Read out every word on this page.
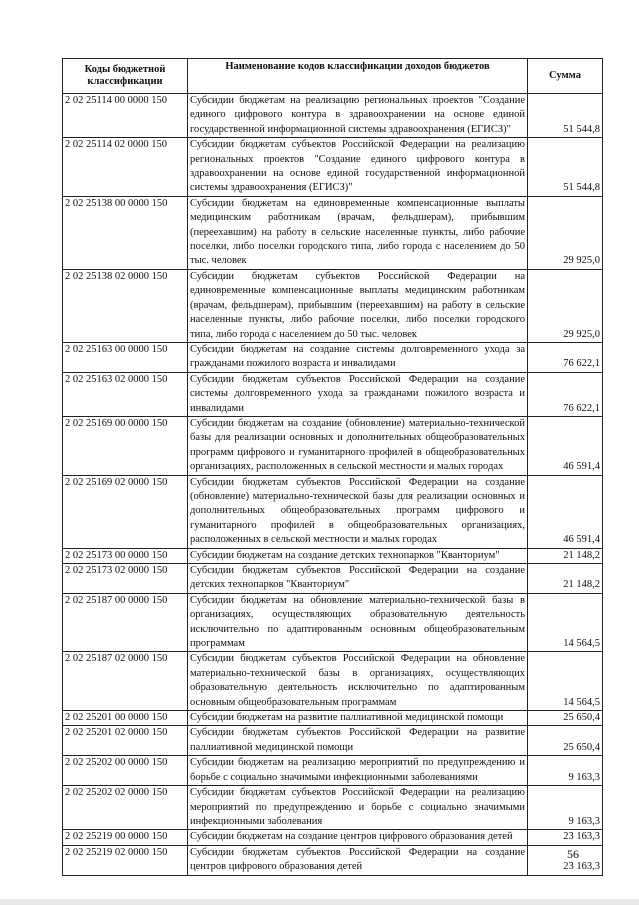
Коды бюджетной классификации	Наименование кодов классификации доходов бюджетов	Сумма
2 02 25114 00 0000 150	Субсидии бюджетам на реализацию региональных проектов "Создание единого цифрового контура в здравоохранении на основе единой государственной информационной системы здравоохранения (ЕГИСЗ)"	51 544,8
2 02 25114 02 0000 150	Субсидии бюджетам субъектов Российской Федерации на реализацию региональных проектов "Создание единого цифрового контура в здравоохранении на основе единой государственной информационной системы здравоохранения (ЕГИСЗ)"	51 544,8
2 02 25138 00 0000 150	Субсидии бюджетам на единовременные компенсационные выплаты медицинским работникам (врачам, фельдшерам), прибывшим (переехавшим) на работу в сельские населенные пункты, либо рабочие поселки, либо поселки городского типа, либо города с населением до 50 тыс. человек	29 925,0
2 02 25138 02 0000 150	Субсидии бюджетам субъектов Российской Федерации на единовременные компенсационные выплаты медицинским работникам (врачам, фельдшерам), прибывшим (переехавшим) на работу в сельские населенные пункты, либо рабочие поселки, либо поселки городского типа, либо города с населением до 50 тыс. человек	29 925,0
2 02 25163 00 0000 150	Субсидии бюджетам на создание системы долговременного ухода за гражданами пожилого возраста и инвалидами	76 622,1
2 02 25163 02 0000 150	Субсидии бюджетам субъектов Российской Федерации на создание системы долговременного ухода за гражданами пожилого возраста и инвалидами	76 622,1
2 02 25169 00 0000 150	Субсидии бюджетам на создание (обновление) материально-технической базы для реализации основных и дополнительных общеобразовательных программ цифрового и гуманитарного профилей в общеобразовательных организациях, расположенных в сельской местности и малых городах	46 591,4
2 02 25169 02 0000 150	Субсидии бюджетам субъектов Российской Федерации на создание (обновление) материально-технической базы для реализации основных и дополнительных общеобразовательных программ цифрового и гуманитарного профилей в общеобразовательных организациях, расположенных в сельской местности и малых городах	46 591,4
2 02 25173 00 0000 150	Субсидии бюджетам на создание детских технопарков "Кванториум"	21 148,2
2 02 25173 02 0000 150	Субсидии бюджетам субъектов Российской Федерации на создание детских технопарков "Кванториум"	21 148,2
2 02 25187 00 0000 150	Субсидии бюджетам на обновление материально-технической базы в организациях, осуществляющих образовательную деятельность исключительно по адаптированным основным общеобразовательным программам	14 564,5
2 02 25187 02 0000 150	Субсидии бюджетам субъектов Российской Федерации на обновление материально-технической базы в организациях, осуществляющих образовательную деятельность исключительно по адаптированным основным общеобразовательным программам	14 564,5
2 02 25201 00 0000 150	Субсидии бюджетам на развитие паллиативной медицинской помощи	25 650,4
2 02 25201 02 0000 150	Субсидии бюджетам субъектов Российской Федерации на развитие паллиативной медицинской помощи	25 650,4
2 02 25202 00 0000 150	Субсидии бюджетам на реализацию мероприятий по предупреждению и борьбе с социально значимыми инфекционными заболеваниями	9 163,3
2 02 25202 02 0000 150	Субсидии бюджетам субъектов Российской Федерации на реализацию мероприятий по предупреждению и борьбе с социально значимыми инфекционными заболевания	9 163,3
2 02 25219 00 0000 150	Субсидии бюджетам на создание центров цифрового образования детей	23 163,3
2 02 25219 02 0000 150	Субсидии бюджетам субъектов Российской Федерации на создание центров цифрового образования детей	23 163,3
56
